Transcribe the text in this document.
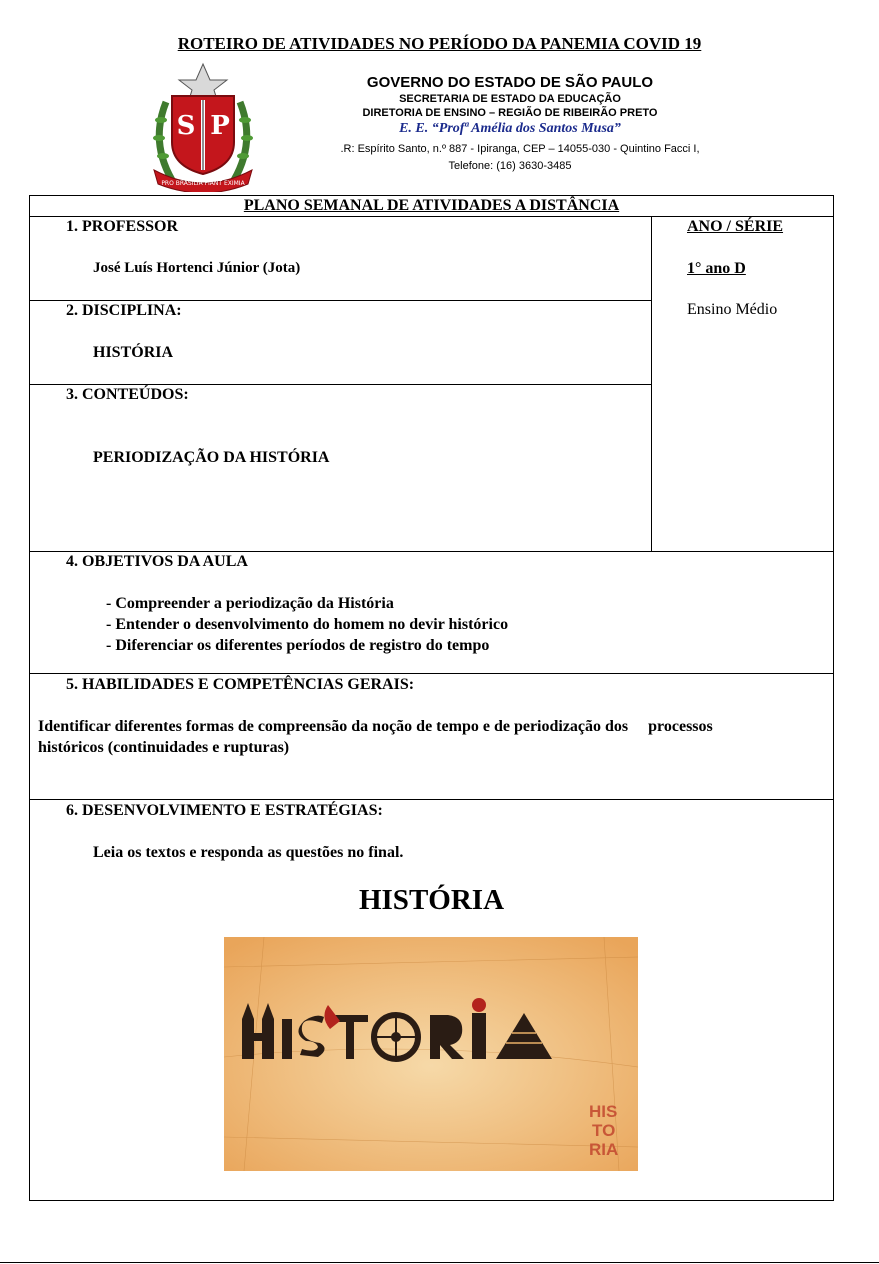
ROTEIRO DE ATIVIDADES NO PERÍODO DA PANEMIA COVID 19
S P
PRO BRASILIA FIANT EXIMIA
GOVERNO DO ESTADO DE SÃO PAULO
SECRETARIA DE ESTADO DA EDUCAÇÃO
DIRETORIA DE ENSINO – REGIÃO DE RIBEIRÃO PRETO
E. E. “Profª Amélia dos Santos Musa”
.R: Espírito Santo, n.º 887 - Ipiranga, CEP – 14055-030 - Quintino Facci I,
Telefone: (16) 3630-3485
PLANO SEMANAL DE ATIVIDADES A DISTÂNCIA
1. PROFESSOR
José Luís Hortenci Júnior (Jota)
ANO / SÉRIE
1° ano D
Ensino Médio
2. DISCIPLINA:
HISTÓRIA
3. CONTEÚDOS:
PERIODIZAÇÃO DA HISTÓRIA
4. OBJETIVOS DA AULA
- Compreender a periodização da História
- Entender o desenvolvimento do homem no devir histórico
- Diferenciar os diferentes períodos de registro do tempo
5. HABILIDADES E COMPETÊNCIAS GERAIS:
Identificar diferentes formas de compreensão da noção de tempo e de periodização dos     processos
históricos (continuidades e rupturas)
6. DESENVOLVIMENTO E ESTRATÉGIAS:
Leia os textos e responda as questões no final.
HISTÓRIA
HIS
TO
RIA
